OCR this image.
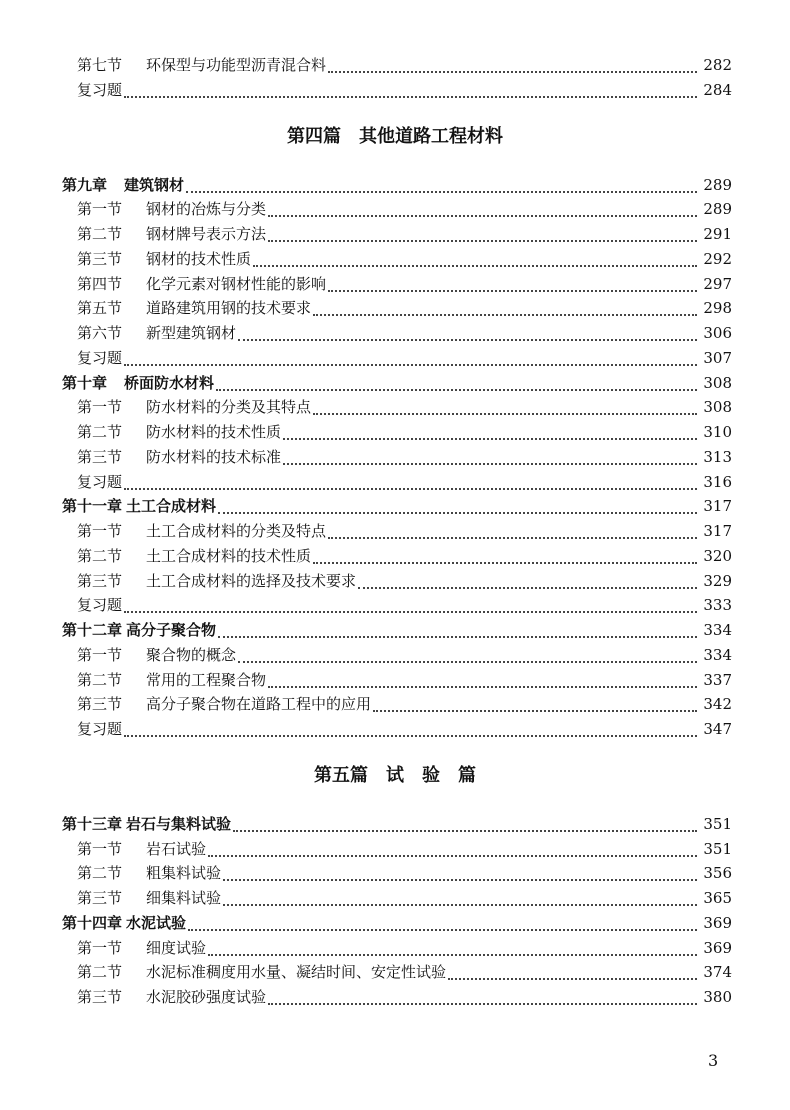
第七节	环保型与功能型沥青混合料	282
复习题	284
第四篇　其他道路工程材料
第九章	建筑钢材	289
第一节	钢材的冶炼与分类	289
第二节	钢材牌号表示方法	291
第三节	钢材的技术性质	292
第四节	化学元素对钢材性能的影响	297
第五节	道路建筑用钢的技术要求	298
第六节	新型建筑钢材	306
复习题	307
第十章	桥面防水材料	308
第一节	防水材料的分类及其特点	308
第二节	防水材料的技术性质	310
第三节	防水材料的技术标准	313
复习题	316
第十一章 土工合成材料	317
第一节	土工合成材料的分类及特点	317
第二节	土工合成材料的技术性质	320
第三节	土工合成材料的选择及技术要求	329
复习题	333
第十二章 高分子聚合物	334
第一节	聚合物的概念	334
第二节	常用的工程聚合物	337
第三节	高分子聚合物在道路工程中的应用	342
复习题	347
第五篇　试　验　篇
第十三章 岩石与集料试验	351
第一节	岩石试验	351
第二节	粗集料试验	356
第三节	细集料试验	365
第十四章 水泥试验	369
第一节	细度试验	369
第二节	水泥标准稠度用水量、凝结时间、安定性试验	374
第三节	水泥胶砂强度试验	380
3
